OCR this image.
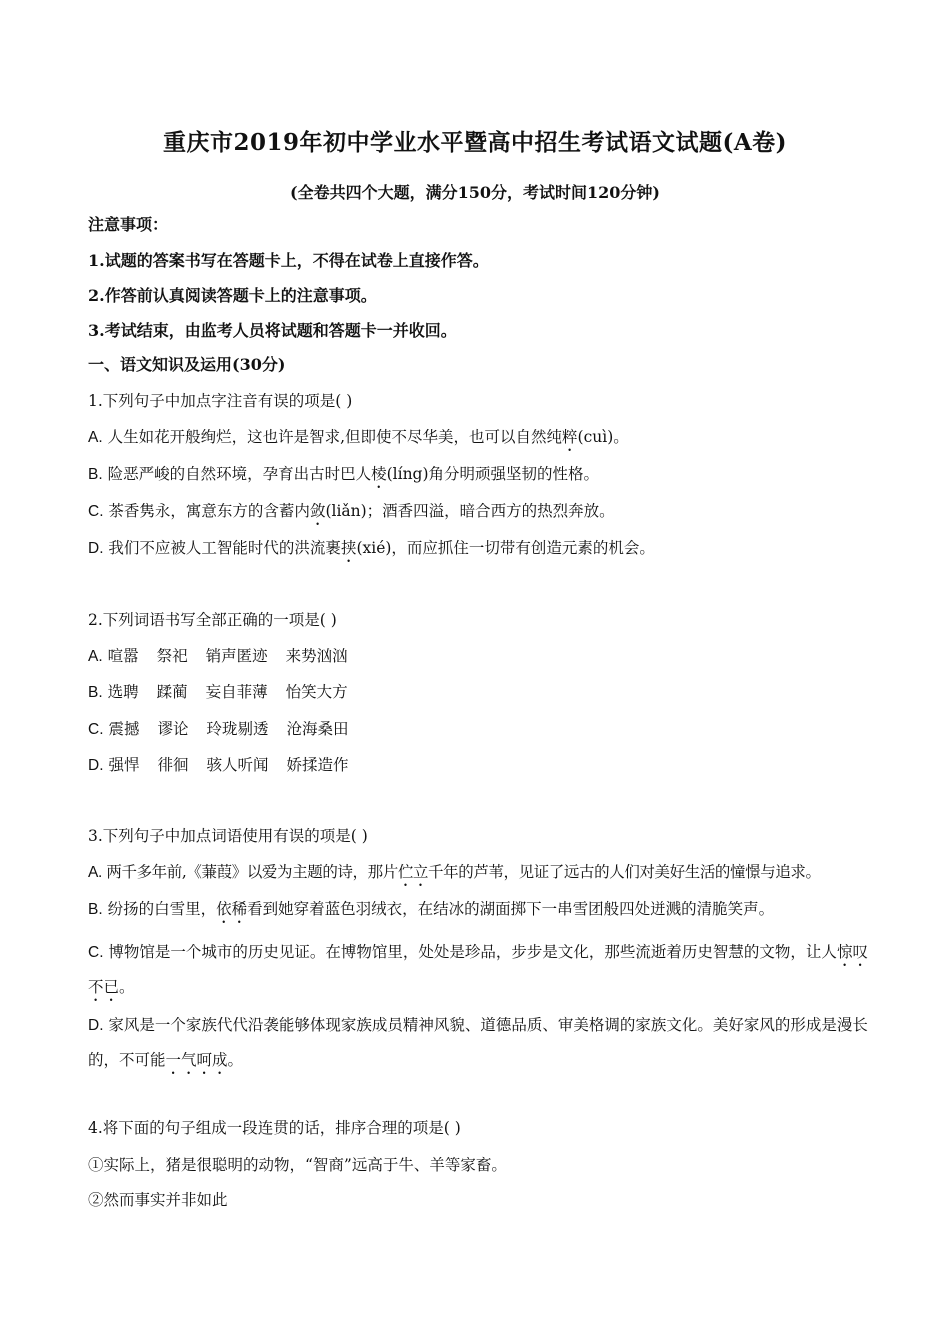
重庆市2019年初中学业水平暨高中招生考试语文试题(A卷)
(全卷共四个大题，满分150分，考试时间120分钟)
注意事项：
1.试题的答案书写在答题卡上，不得在试卷上直接作答。
2.作答前认真阅读答题卡上的注意事项。
3.考试结束，由监考人员将试题和答题卡一并收回。
一、语文知识及运用(30分)
1.下列句子中加点字注音有误的项是( )
A. 人生如花开般绚烂，这也许是智求,但即使不尽华美，也可以自然纯粹(cuì)。
B. 险恶严峻的自然环境，孕育出古时巴人棱(líng)角分明顽强坚韧的性格。
C. 茶香隽永，寓意东方的含蓄内敛(liǎn)；酒香四溢，暗合西方的热烈奔放。
D. 我们不应被人工智能时代的洪流裹挟(xié)，而应抓住一切带有创造元素的机会。
2.下列词语书写全部正确的一项是( )
A. 喧嚣 祭祀 销声匿迹 来势汹汹
B. 选聘 蹂蔺 妄自菲薄 怡笑大方
C. 震撼 谬论 玲珑剔透 沧海桑田
D. 强悍 徘徊 骇人听闻 娇揉造作
3.下列句子中加点词语使用有误的项是( )
A. 两千多年前,《蒹葭》以爱为主题的诗，那片伫立千年的芦苇，见证了远古的人们对美好生活的憧憬与追求。
B. 纷扬的白雪里，依稀看到她穿着蓝色羽绒衣，在结冰的湖面掷下一串雪团般四处迸溅的清脆笑声。
C. 博物馆是一个城市的历史见证。在博物馆里，处处是珍品，步步是文化，那些流逝着历史智慧的文物，让人惊叹不已。
D. 家风是一个家族代代沿袭能够体现家族成员精神风貌、道德品质、审美格调的家族文化。美好家风的形成是漫长的，不可能一气呵成。
4.将下面的句子组成一段连贯的话，排序合理的项是( )
①实际上，猪是很聪明的动物，“智商”远高于牛、羊等家畜。
②然而事实并非如此
